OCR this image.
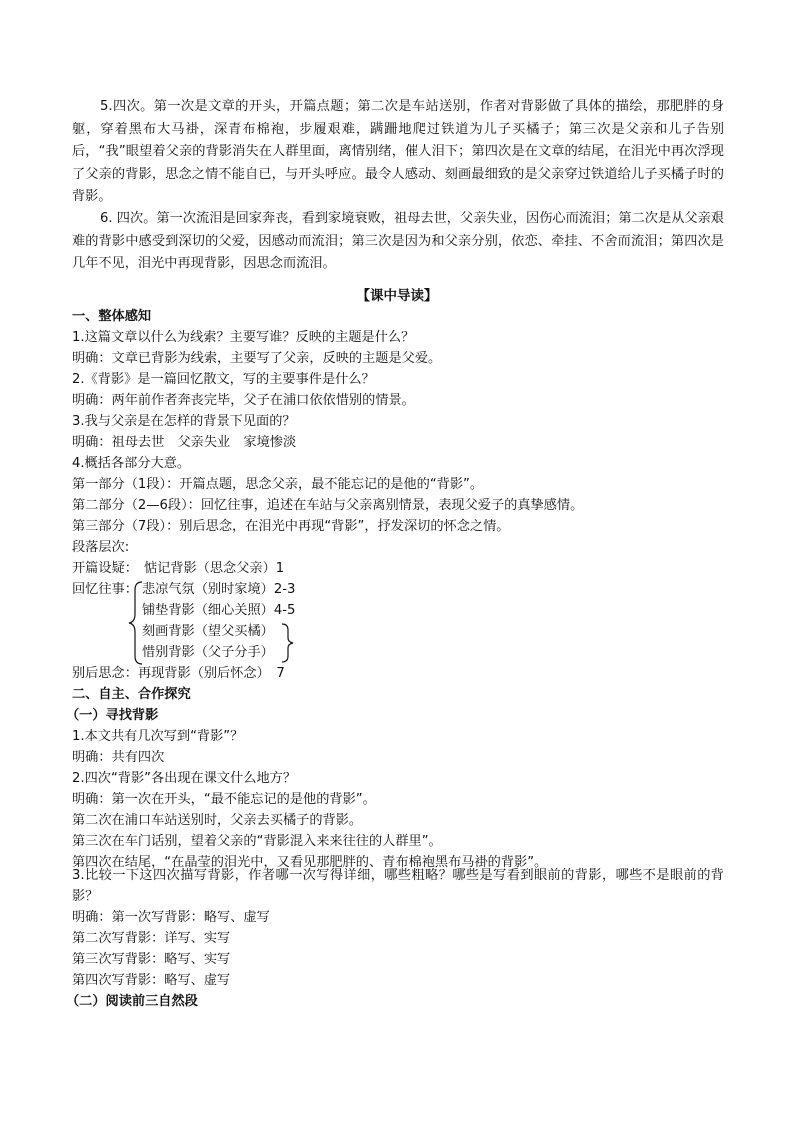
5.四次。第一次是文章的开头，开篇点题；第二次是车站送别，作者对背影做了具体的描绘，那肥胖的身躯，穿着黑布大马褂，深青布棉袍，步履艰难，蹒跚地爬过铁道为儿子买橘子；第三次是父亲和儿子告别后，“我”眼望着父亲的背影消失在人群里面，离情别绪，催人泪下；第四次是在文章的结尾，在泪光中再次浮现了父亲的背影，思念之情不能自已，与开头呼应。最令人感动、刻画最细致的是父亲穿过铁道给儿子买橘子时的背影。

6. 四次。第一次流泪是回家奔丧，看到家境衰败，祖母去世，父亲失业，因伤心而流泪；第二次是从父亲艰难的背影中感受到深切的父爱，因感动而流泪；第三次是因为和父亲分别，依恋、牵挂、不舍而流泪；第四次是几年不见，泪光中再现背影，因思念而流泪。

【课中导读】
一、整体感知
1.这篇文章以什么为线索？主要写谁？反映的主题是什么？
明确：文章已背影为线索，主要写了父亲，反映的主题是父爱。
2.《背影》是一篇回忆散文，写的主要事件是什么？
明确：两年前作者奔丧完毕，父子在浦口依依惜别的情景。
3.我与父亲是在怎样的背景下见面的？
明确：祖母去世　父亲失业　家境惨淡
4.概括各部分大意。
第一部分（1段）：开篇点题，思念父亲，最不能忘记的是他的“背影”。
第二部分（2—6段）：回忆往事，追述在车站与父亲离别情景，表现父爱子的真挚感情。
第三部分（7段）：别后思念，在泪光中再现“背影”，抒发深切的怀念之情。
段落层次:
开篇设疑： 惦记背影（思念父亲）1
回忆往事： 悲凉气氛（别时家境）2-3
铺垫背影（细心关照）4-5
刻画背影（望父买橘）
惜别背影（父子分手）
别后思念：再现背影（别后怀念）　7
二、自主、合作探究
（一）寻找背影
1.本文共有几次写到“背影”？
明确：共有四次
2.四次“背影”各出现在课文什么地方？
明确：第一次在开头，“最不能忘记的是他的背影”。
第二次在浦口车站送别时，父亲去买橘子的背影。
第三次在车门话别，望着父亲的“背影混入来来往往的人群里”。
第四次在结尾，“在晶莹的泪光中，又看见那肥胖的、青布棉袍黑布马褂的背影”。
3.比较一下这四次描写背影，作者哪一次写得详细，哪些粗略？哪些是写看到眼前的背影，哪些不是眼前的背影？
明确：第一次写背影：略写、虚写
第二次写背影：详写、实写
第三次写背影：略写、实写
第四次写背影：略写、虚写
（二）阅读前三自然段
